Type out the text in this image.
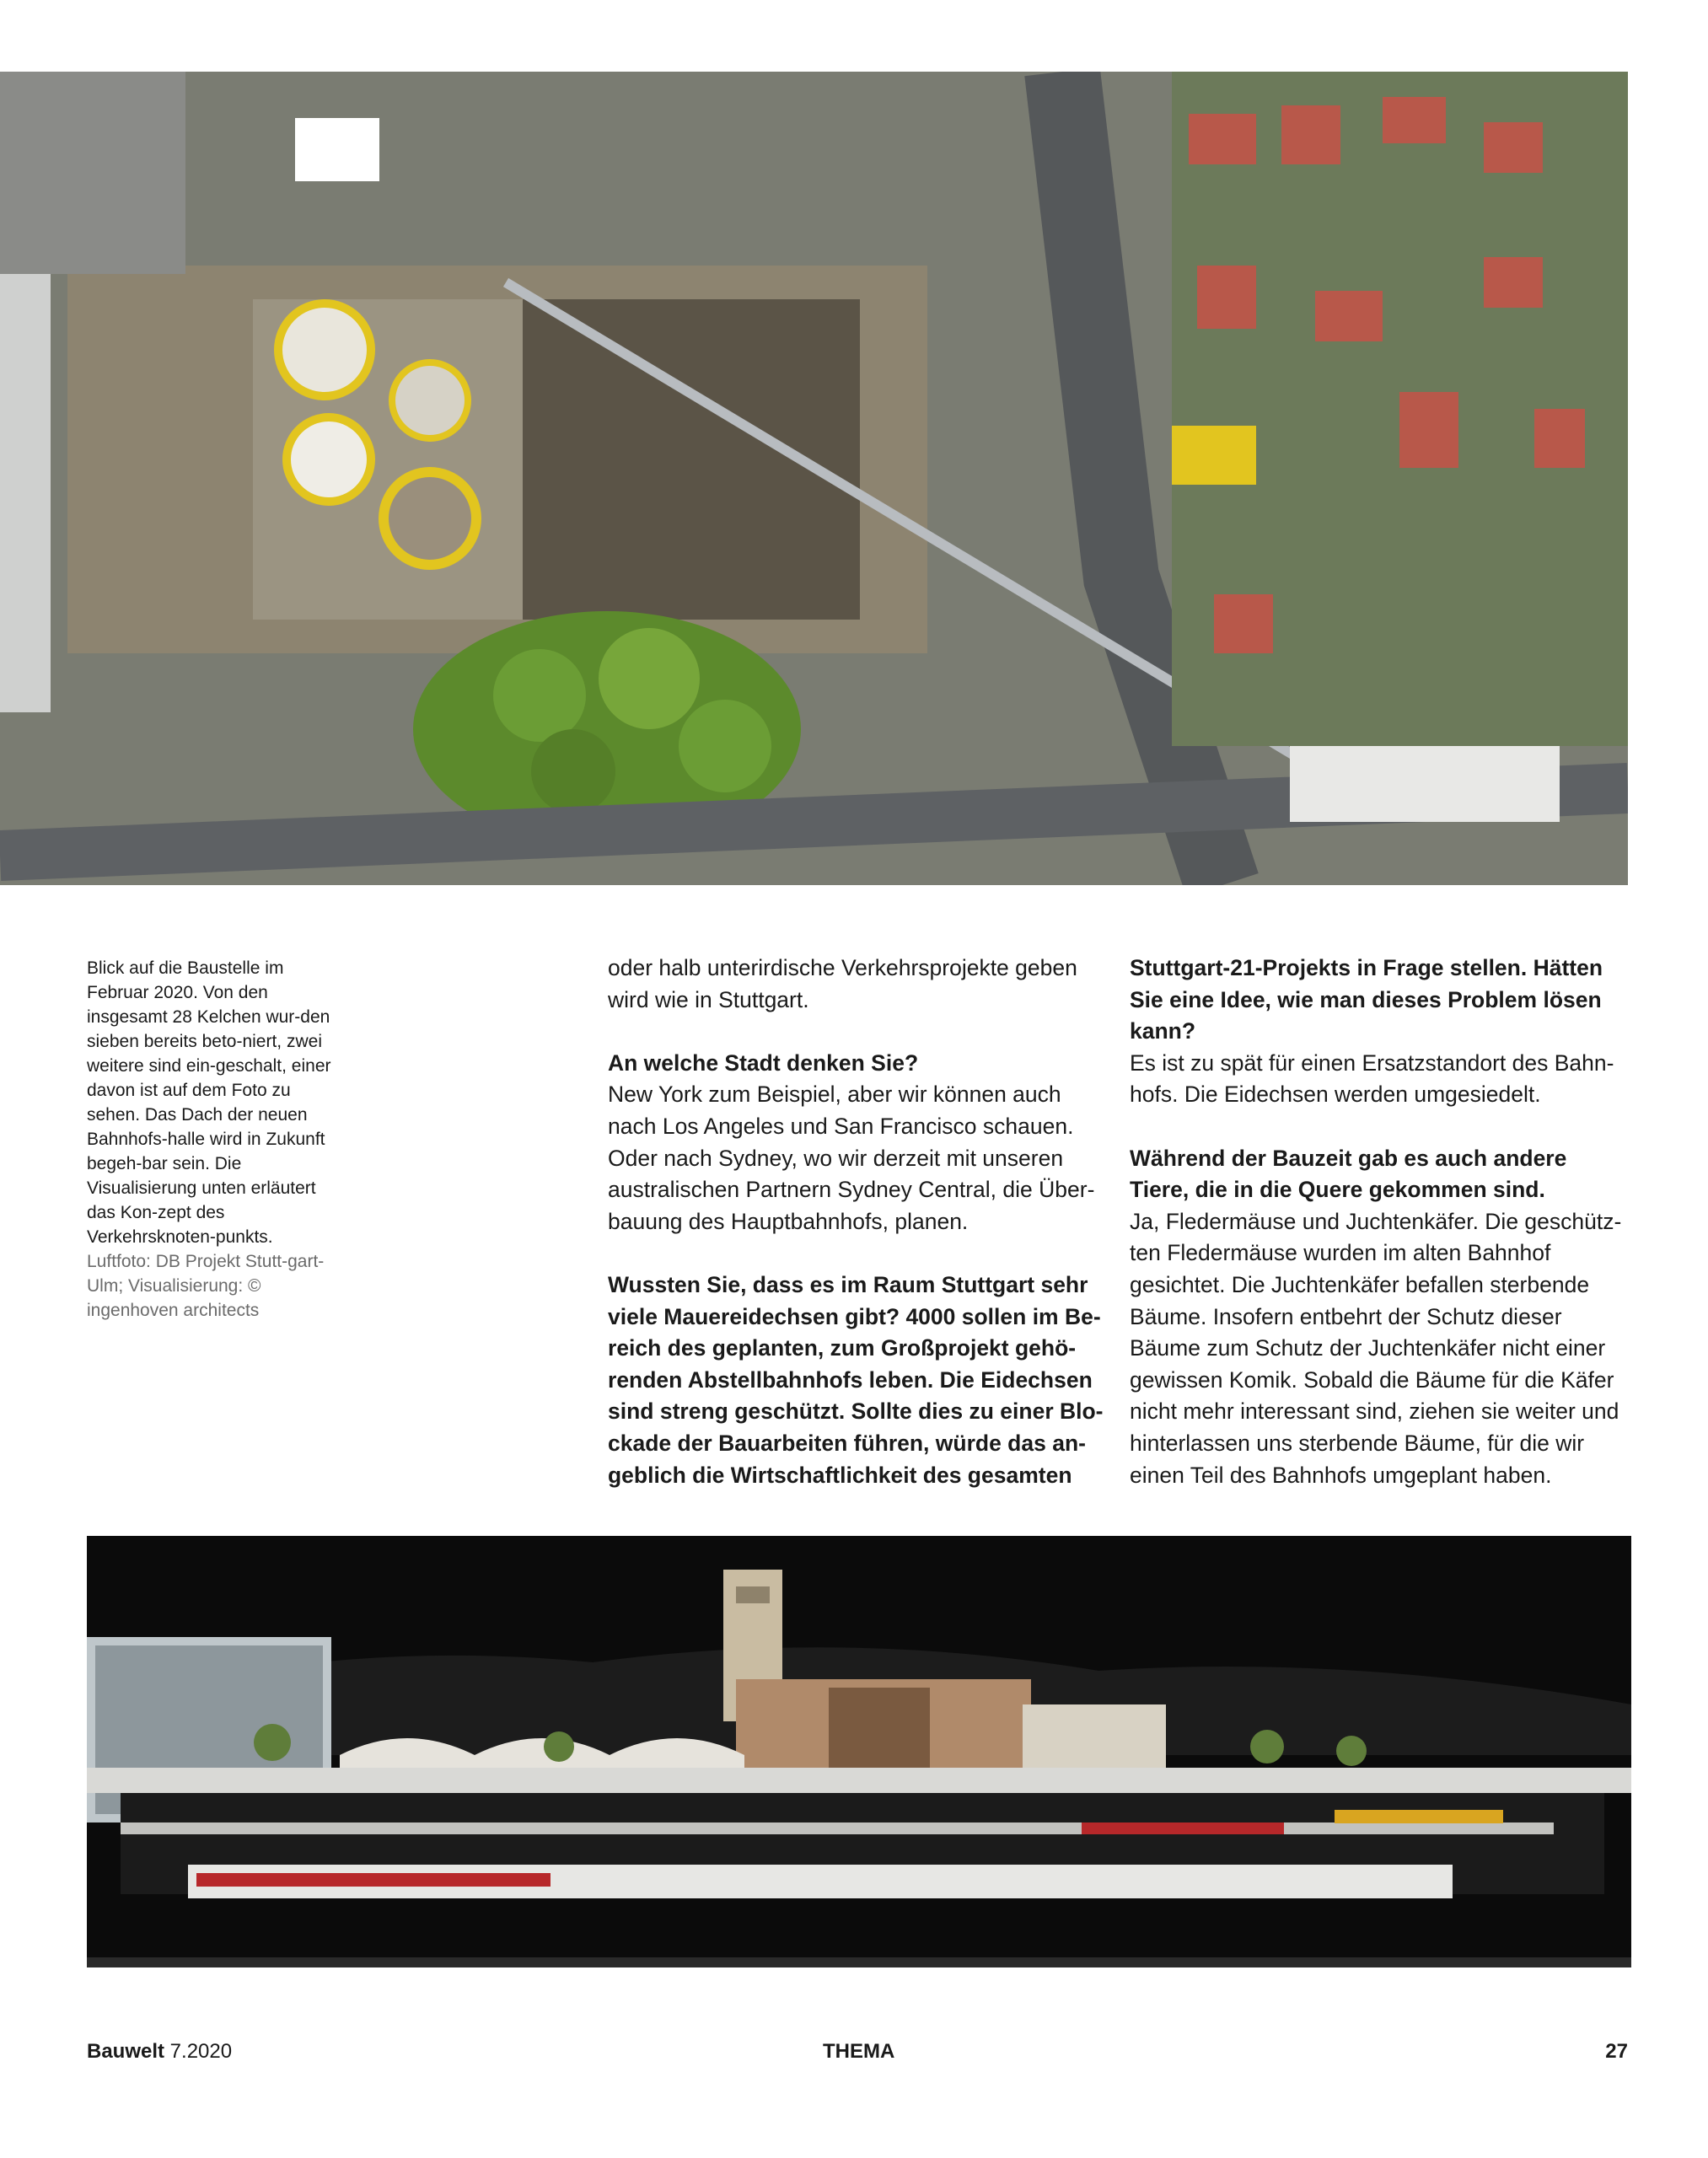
Blick auf die Baustelle im Februar 2020. Von den insgesamt 28 Kelchen wur-den sieben bereits beto-niert, zwei weitere sind ein-geschalt, einer davon ist auf dem Foto zu sehen. Das Dach der neuen Bahnhofs-halle wird in Zukunft begeh-bar sein. Die Visualisierung unten erläutert das Kon-zept des Verkehrsknoten-punkts.

Luftfoto: DB Projekt Stutt-gart-Ulm; Visualisierung: © ingenhoven architects

oder halb unterirdische Verkehrsprojekte geben wird wie in Stuttgart.

An welche Stadt denken Sie?
New York zum Beispiel, aber wir können auch nach Los Angeles und San Francisco schauen. Oder nach Sydney, wo wir derzeit mit unseren australischen Partnern Sydney Central, die Über-bauung des Hauptbahnhofs, planen.

Wussten Sie, dass es im Raum Stuttgart sehr viele Mauereidechsen gibt? 4000 sollen im Be-reich des geplanten, zum Großprojekt gehö-renden Abstellbahnhofs leben. Die Eidechsen sind streng geschützt. Sollte dies zu einer Blo-ckade der Bauarbeiten führen, würde das an-geblich die Wirtschaftlichkeit des gesamten

Stuttgart-21-Projekts in Frage stellen. Hätten Sie eine Idee, wie man dieses Problem lösen kann?
Es ist zu spät für einen Ersatzstandort des Bahn-hofs. Die Eidechsen werden umgesiedelt.

Während der Bauzeit gab es auch andere Tiere, die in die Quere gekommen sind.
Ja, Fledermäuse und Juchtenkäfer. Die geschütz-ten Fledermäuse wurden im alten Bahnhof gesichtet. Die Juchtenkäfer befallen sterbende Bäume. Insofern entbehrt der Schutz dieser Bäume zum Schutz der Juchtenkäfer nicht einer gewissen Komik. Sobald die Bäume für die Käfer nicht mehr interessant sind, ziehen sie weiter und hinterlassen uns sterbende Bäume, für die wir einen Teil des Bahnhofs umgeplant haben.

Bauwelt 7.2020	THEMA	27
